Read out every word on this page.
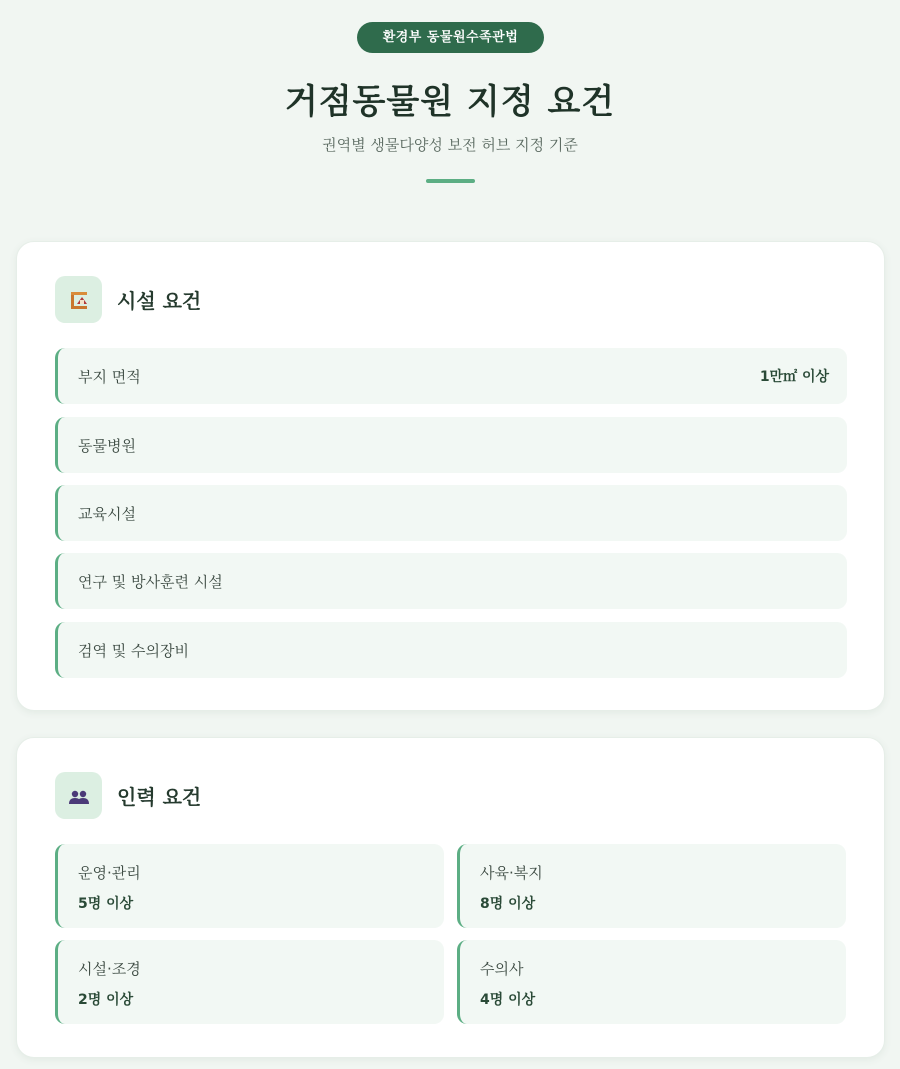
환경부 동물원수족관법
거점동물원 지정 요건
권역별 생물다양성 보전 허브 지정 기준
시설 요건
부지 면적	1만㎡ 이상
동물병원
교육시설
연구 및 방사훈련 시설
검역 및 수의장비
인력 요건
운영·관리
5명 이상
사육·복지
8명 이상
시설·조경
2명 이상
수의사
4명 이상
